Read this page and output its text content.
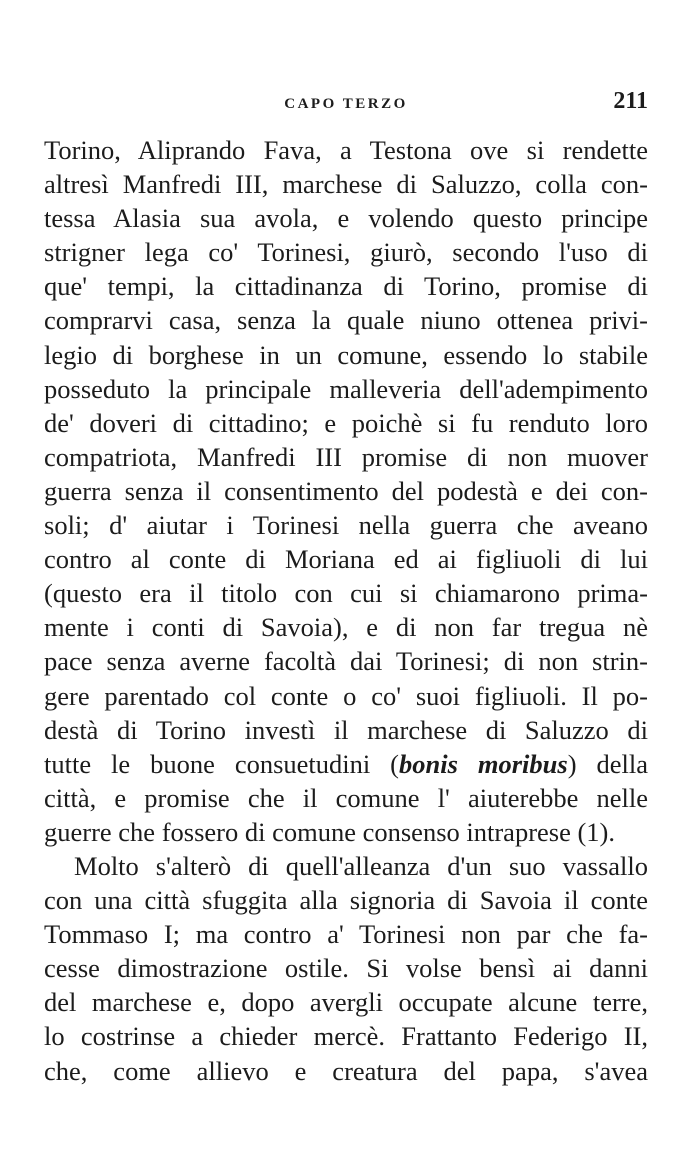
CAPO TERZO	211
Torino, Aliprando Fava, a Testona ove si rendette
altresì Manfredi III, marchese di Saluzzo, colla con-
tessa Alasia sua avola, e volendo questo principe
strigner lega co' Torinesi, giurò, secondo l'uso di
que' tempi, la cittadinanza di Torino, promise di
comprarvi casa, senza la quale niuno ottenea privi-
legio di borghese in un comune, essendo lo stabile
posseduto la principale malleveria dell'adempimento
de' doveri di cittadino; e poichè si fu renduto loro
compatriota, Manfredi III promise di non muover
guerra senza il consentimento del podestà e dei con-
soli; d' aiutar i Torinesi nella guerra che aveano
contro al conte di Moriana ed ai figliuoli di lui
(questo era il titolo con cui si chiamarono prima-
mente i conti di Savoia), e di non far tregua nè
pace senza averne facoltà dai Torinesi; di non strin-
gere parentado col conte o co' suoi figliuoli. Il po-
destà di Torino investì il marchese di Saluzzo di
tutte le buone consuetudini (bonis moribus) della
città, e promise che il comune l' aiuterebbe nelle
guerre che fossero di comune consenso intraprese (1).
Molto s'alterò di quell'alleanza d'un suo vassallo
con una città sfuggita alla signoria di Savoia il conte
Tommaso I; ma contro a' Torinesi non par che fa-
cesse dimostrazione ostile. Si volse bensì ai danni
del marchese e, dopo avergli occupate alcune terre,
lo costrinse a chieder mercè. Frattanto Federigo II,
che, come allievo e creatura del papa, s'avea
